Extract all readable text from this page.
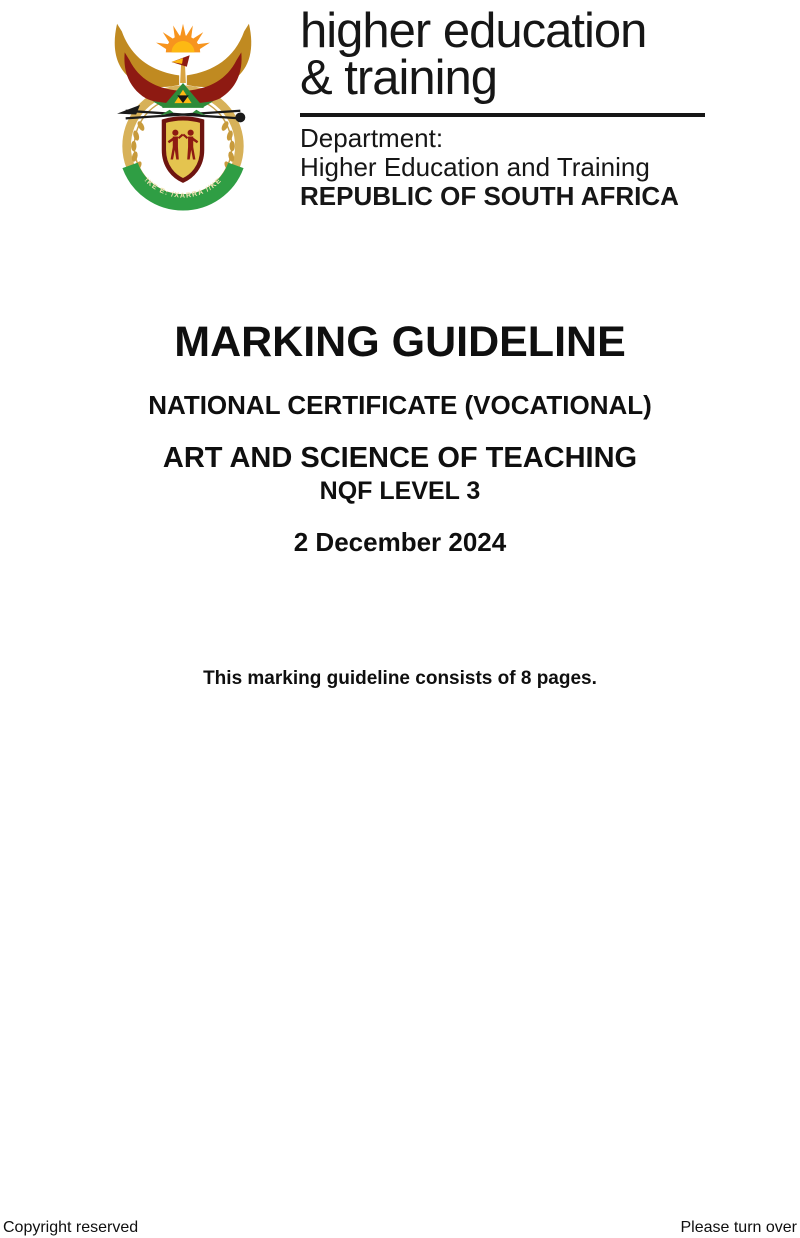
!KE E: /XARRA //KE
higher education
& training
Department:
Higher Education and Training
REPUBLIC OF SOUTH AFRICA
MARKING GUIDELINE
NATIONAL CERTIFICATE (VOCATIONAL)
ART AND SCIENCE OF TEACHING
NQF LEVEL 3
2 December 2024
This marking guideline consists of 8 pages.
Copyright reserved	Please turn over
